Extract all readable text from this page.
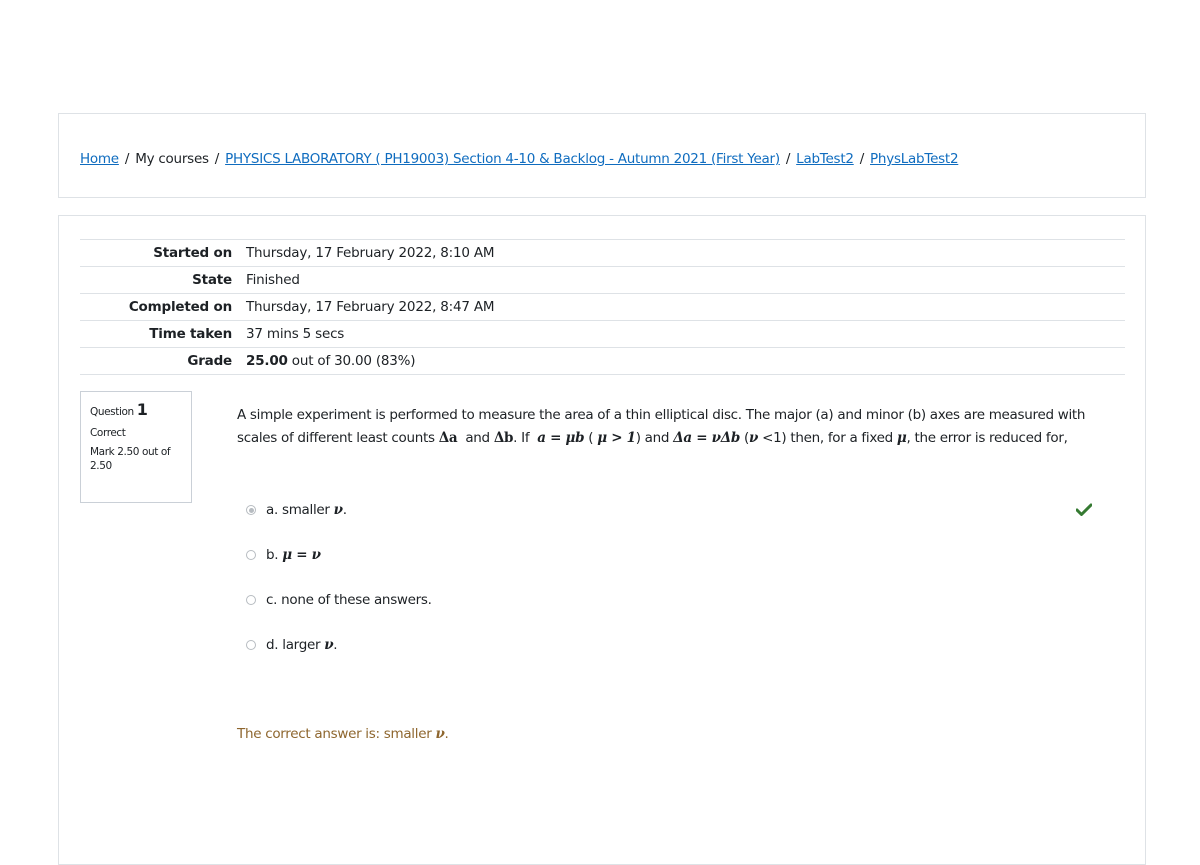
Home / My courses / PHYSICS LABORATORY ( PH19003) Section 4-10 & Backlog - Autumn 2021 (First Year) / LabTest2 / PhysLabTest2
Started on	Thursday, 17 February 2022, 8:10 AM
State	Finished
Completed on	Thursday, 17 February 2022, 8:47 AM
Time taken	37 mins 5 secs
Grade	25.00 out of 30.00 (83%)
Question 1
Correct
Mark 2.50 out of 2.50
A simple experiment is performed to measure the area of a thin elliptical disc. The major (a) and minor (b) axes are measured with scales of different least counts Δa and Δb. If a = μb ( μ > 1) and Δa = νΔb (ν <1) then, for a fixed μ, the error is reduced for,
a. smaller
ν .
b.
μ = ν
c. none of these answers.
d. larger
ν .
The correct answer is: smaller ν.
